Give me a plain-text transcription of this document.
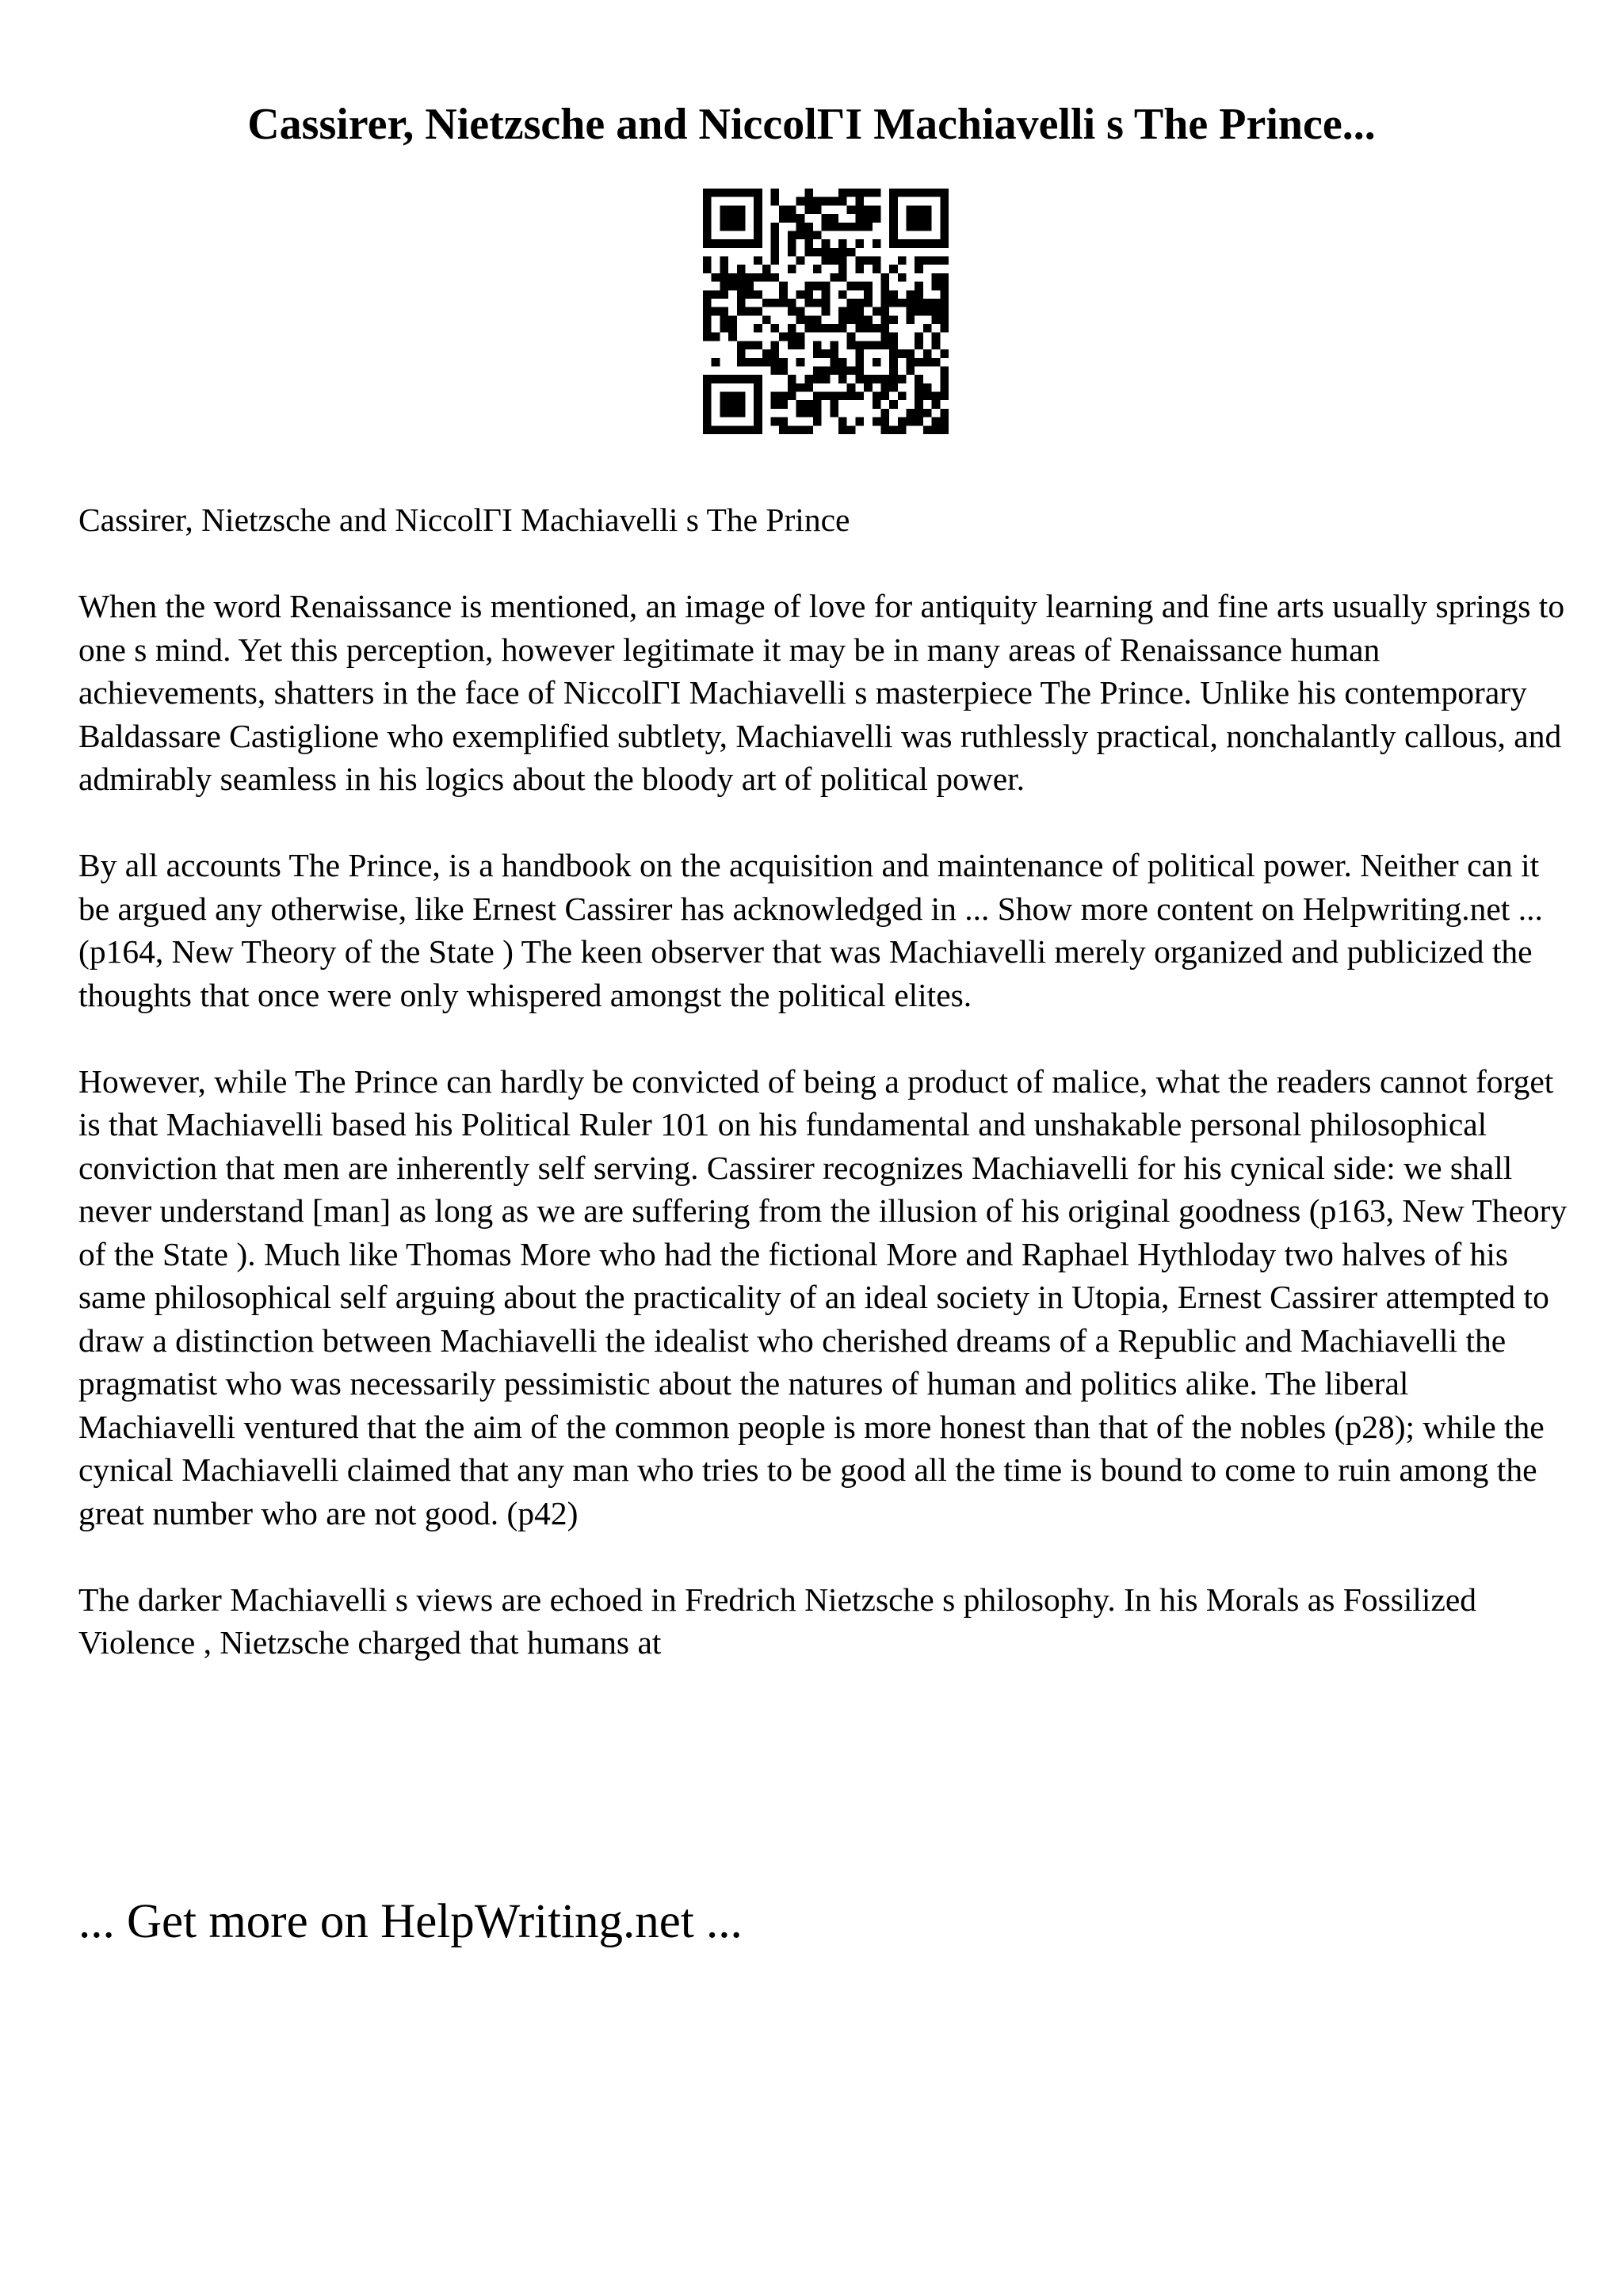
Cassirer, Nietzsche and NiccolΓI Machiavelli s The Prince...

Cassirer, Nietzsche and NiccolΓI Machiavelli s The Prince

When the word Renaissance is mentioned, an image of love for antiquity learning and fine arts usually springs to one s mind. Yet this perception, however legitimate it may be in many areas of Renaissance human achievements, shatters in the face of NiccolΓI Machiavelli s masterpiece The Prince. Unlike his contemporary Baldassare Castiglione who exemplified subtlety, Machiavelli was ruthlessly practical, nonchalantly callous, and admirably seamless in his logics about the bloody art of political power.

By all accounts The Prince, is a handbook on the acquisition and maintenance of political power. Neither can it be argued any otherwise, like Ernest Cassirer has acknowledged in ... Show more content on Helpwriting.net ...

(p164, New Theory of the State ) The keen observer that was Machiavelli merely organized and publicized the thoughts that once were only whispered amongst the political elites.

However, while The Prince can hardly be convicted of being a product of malice, what the readers cannot forget is that Machiavelli based his Political Ruler 101 on his fundamental and unshakable personal philosophical conviction that men are inherently self serving. Cassirer recognizes Machiavelli for his cynical side: we shall never understand [man] as long as we are suffering from the illusion of his original goodness (p163, New Theory of the State ). Much like Thomas More who had the fictional More and Raphael Hythloday two halves of his same philosophical self arguing about the practicality of an ideal society in Utopia, Ernest Cassirer attempted to draw a distinction between Machiavelli the idealist who cherished dreams of a Republic and Machiavelli the pragmatist who was necessarily pessimistic about the natures of human and politics alike. The liberal Machiavelli ventured that the aim of the common people is more honest than that of the nobles (p28); while the cynical Machiavelli claimed that any man who tries to be good all the time is bound to come to ruin among the great number who are not good. (p42)

The darker Machiavelli s views are echoed in Fredrich Nietzsche s philosophy. In his Morals as Fossilized Violence , Nietzsche charged that humans at

... Get more on HelpWriting.net ...
